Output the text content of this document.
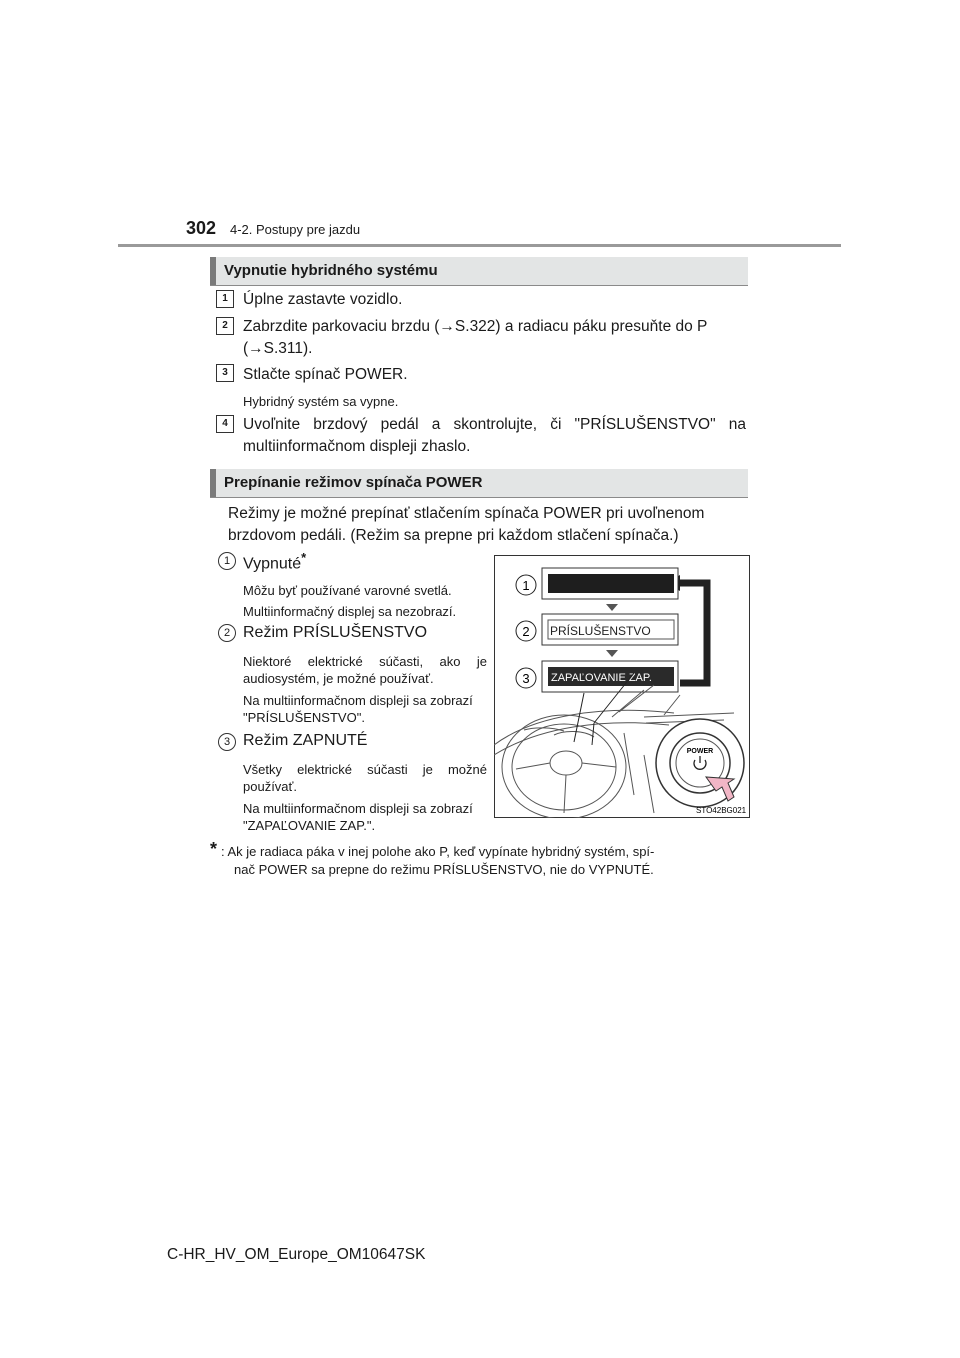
302 4-2. Postupy pre jazdu
Vypnutie hybridného systému
1 Úplne zastavte vozidlo.
2 Zabrzdite parkovaciu brzdu (→S.322) a radiacu páku presuňte do P
(→S.311).
3 Stlačte spínač POWER.
Hybridný systém sa vypne.
4 Uvoľnite brzdový pedál a skontrolujte, či "PRÍSLUŠENSTVO" na
multiinformačnom displeji zhaslo.
Prepínanie režimov spínača POWER
Režimy je možné prepínať stlačením spínača POWER pri uvoľnenom
brzdovom pedáli. (Režim sa prepne pri každom stlačení spínača.)
1 Vypnuté*
Môžu byť používané varovné svetlá.
Multiinformačný displej sa nezobrazí.
2 Režim PRÍSLUŠENSTVO
Niektoré elektrické súčasti, ako je audiosystém, je možné používať.
Na multiinformačnom displeji sa zobrazí "PRÍSLUŠENSTVO".
3 Režim ZAPNUTÉ
Všetky elektrické súčasti je možné používať.
Na multiinformačnom displeji sa zobrazí "ZAPAĽOVANIE ZAP.".
* : Ak je radiaca páka v inej polohe ako P, keď vypínate hybridný systém, spí-
nač POWER sa prepne do režimu PRÍSLUŠENSTVO, nie do VYPNUTÉ.
1
2 PRÍSLUŠENSTVO
3 ZAPAĽOVANIE ZAP.
POWER
STO42BG021
C-HR_HV_OM_Europe_OM10647SK
